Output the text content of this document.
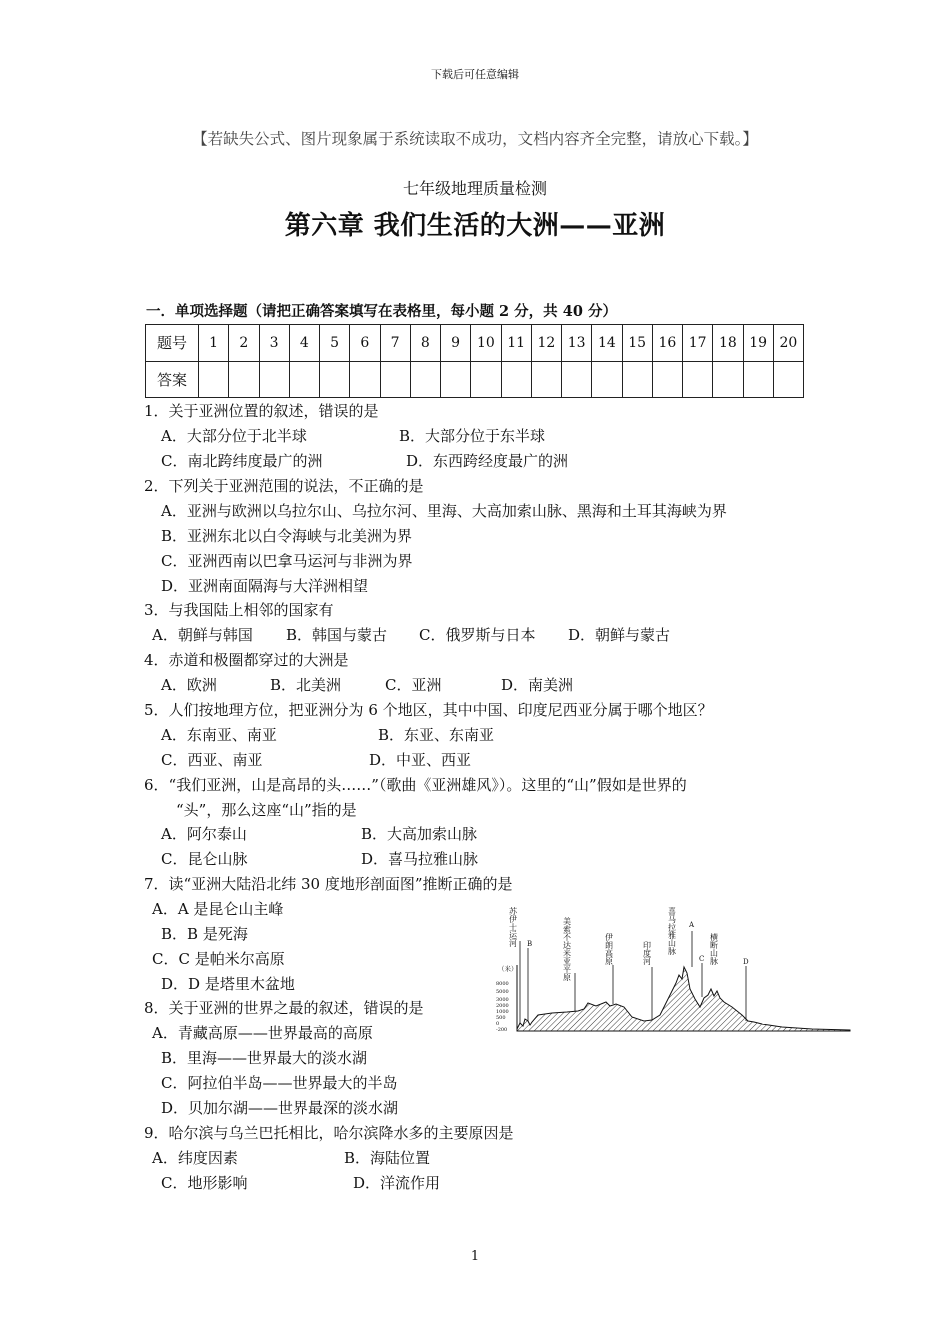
下载后可任意编辑
【若缺失公式、图片现象属于系统读取不成功，文档内容齐全完整，请放心下载。】
七年级地理质量检测
第六章 我们生活的大洲——亚洲
一．单项选择题（请把正确答案填写在表格里，每小题 2 分，共 40 分）
题号	1	2	3	4	5	6	7	8	9	10	11	12	13	14	15	16	17	18	19	20
答案																				
1．关于亚洲位置的叙述，错误的是
A．大部分位于北半球	B．大部分位于东半球
C．南北跨纬度最广的洲	D．东西跨经度最广的洲
2．下列关于亚洲范围的说法，不正确的是
A．亚洲与欧洲以乌拉尔山、乌拉尔河、里海、大高加索山脉、黑海和土耳其海峡为界
B．亚洲东北以白令海峡与北美洲为界
C．亚洲西南以巴拿马运河与非洲为界
D．亚洲南面隔海与大洋洲相望
3．与我国陆上相邻的国家有
A．朝鲜与韩国 B．韩国与蒙古 C．俄罗斯与日本 D．朝鲜与蒙古
4．赤道和极圈都穿过的大洲是
A．欧洲	B．北美洲	C．亚洲	D．南美洲
5．人们按地理方位，把亚洲分为 6 个地区，其中中国、印度尼西亚分属于哪个地区？
A．东南亚、南亚	B．东亚、东南亚
C．西亚、南亚	D．中亚、西亚
6．“我们亚洲，山是高昂的头……”（歌曲《亚洲雄风》）。这里的“山”假如是世界的
“头”，那么这座“山”指的是
A．阿尔泰山	B．大高加索山脉
C．昆仑山脉	D．喜马拉雅山脉
7．读“亚洲大陆沿北纬 30 度地形剖面图”推断正确的是
A．A 是昆仑山主峰
B．B 是死海
C．C 是帕米尔高原
D．D 是塔里木盆地
8．关于亚洲的世界之最的叙述，错误的是
A．青藏高原——世界最高的高原
B．里海——世界最大的淡水湖
C．阿拉伯半岛——世界最大的半岛
D．贝加尔湖——世界最深的淡水湖
9．哈尔滨与乌兰巴托相比，哈尔滨降水多的主要原因是
A．纬度因素	B．海陆位置
C．地形影响	D．洋流作用
（米）
8000
5000
3000
2000
1000
500
0
-200
苏伊士运河	美索不达米亚平原	伊朗高原	印度河 喜马拉雅山脉	横断山脉
B
A
C	D
1
